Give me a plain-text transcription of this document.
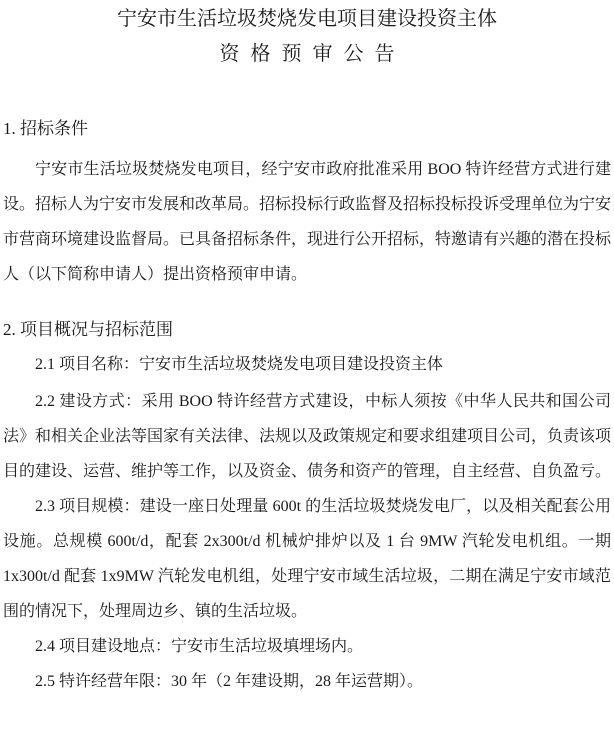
宁安市生活垃圾焚烧发电项目建设投资主体
资格预审公告
1. 招标条件

宁安市生活垃圾焚烧发电项目，经宁安市政府批准采用 BOO 特许经营方式进行建设。招标人为宁安市发展和改革局。招标投标行政监督及招标投标投诉受理单位为宁安市营商环境建设监督局。已具备招标条件，现进行公开招标，特邀请有兴趣的潜在投标人（以下简称申请人）提出资格预审申请。

2. 项目概况与招标范围

2.1 项目名称：宁安市生活垃圾焚烧发电项目建设投资主体

2.2 建设方式：采用 BOO 特许经营方式建设，中标人须按《中华人民共和国公司法》和相关企业法等国家有关法律、法规以及政策规定和要求组建项目公司，负责该项目的建设、运营、维护等工作，以及资金、债务和资产的管理，自主经营、自负盈亏。

2.3 项目规模：建设一座日处理量 600t 的生活垃圾焚烧发电厂，以及相关配套公用设施。总规模 600t/d，配套 2x300t/d 机械炉排炉以及 1 台 9MW 汽轮发电机组。一期 1x300t/d 配套 1x9MW 汽轮发电机组，处理宁安市域生活垃圾，二期在满足宁安市域范围的情况下，处理周边乡、镇的生活垃圾。

2.4 项目建设地点：宁安市生活垃圾填埋场内。

2.5 特许经营年限：30 年（2 年建设期，28 年运营期）。
